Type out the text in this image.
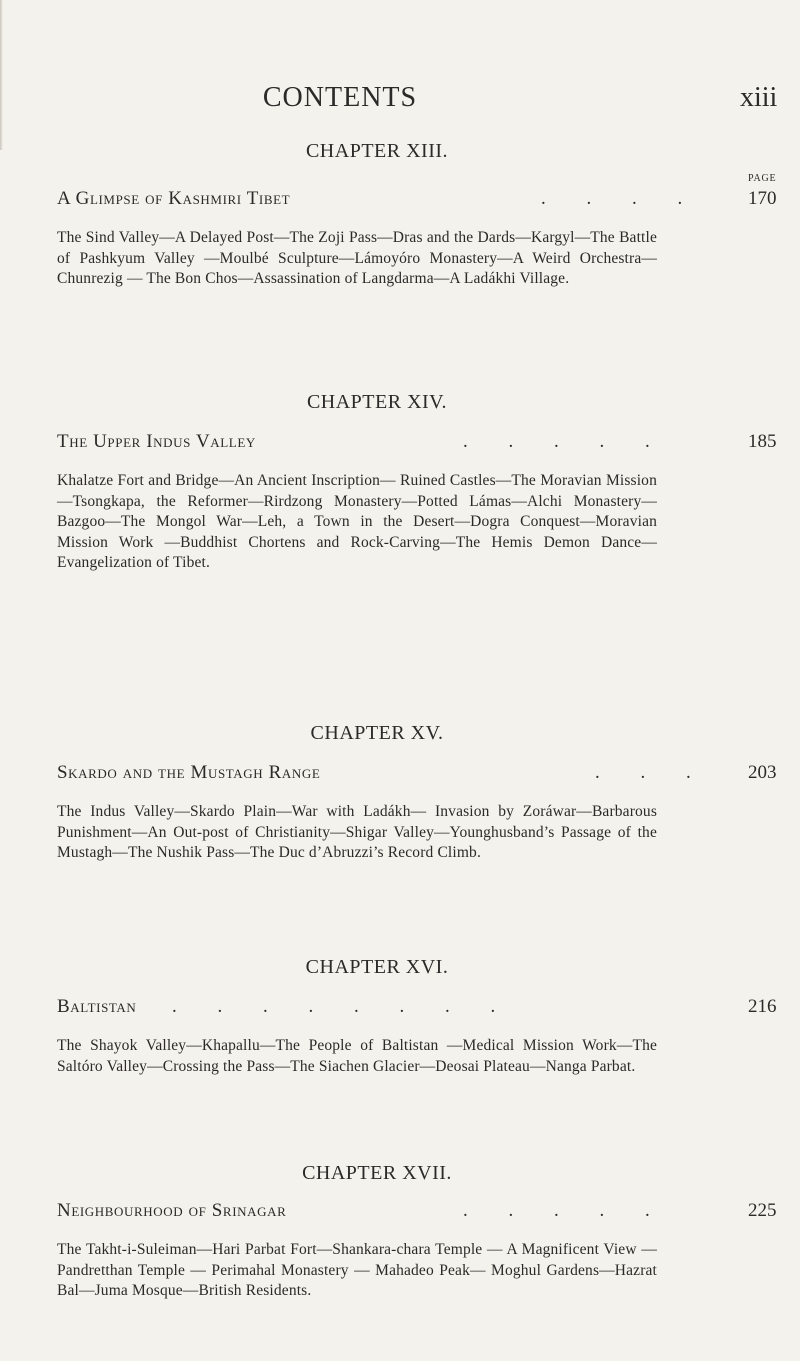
CONTENTS	xiii
CHAPTER XIII.
PAGE
A Glimpse of Kashmiri Tibet	. . . .	170
The Sind Valley—A Delayed Post—The Zoji Pass—Dras and the Dards—Kargyl—The Battle of Pashkyum Valley —Moulbé Sculpture—Lámoyóro Monastery—A Weird Orchestra—Chunrezig — The Bon Chos—Assassination of Langdarma—A Ladákhi Village.
CHAPTER XIV.
The Upper Indus Valley	. . . . .	185
Khalatze Fort and Bridge—An Ancient Inscription— Ruined Castles—The Moravian Mission—Tsongkapa, the Reformer—Rirdzong Monastery—Potted Lámas—Alchi Monastery—Bazgoo—The Mongol War—Leh, a Town in the Desert—Dogra Conquest—Moravian Mission Work —Buddhist Chortens and Rock-Carving—The Hemis Demon Dance—Evangelization of Tibet.
CHAPTER XV.
Skardo and the Mustagh Range	. . . 203
The Indus Valley—Skardo Plain—War with Ladákh— Invasion by Zoráwar—Barbarous Punishment—An Out-post of Christianity—Shigar Valley—Younghusband’s Passage of the Mustagh—The Nushik Pass—The Duc d’Abruzzi’s Record Climb.
CHAPTER XVI.
Baltistan	. . . . . . . .	216
The Shayok Valley—Khapallu—The People of Baltistan —Medical Mission Work—The Saltóro Valley—Crossing the Pass—The Siachen Glacier—Deosai Plateau—Nanga Parbat.
CHAPTER XVII.
Neighbourhood of Srinagar	. . . . .	225
The Takht-i-Suleiman—Hari Parbat Fort—Shankara-chara Temple — A Magnificent View — Pandretthan Temple — Perimahal Monastery — Mahadeo Peak— Moghul Gardens—Hazrat Bal—Juma Mosque—British Residents.
